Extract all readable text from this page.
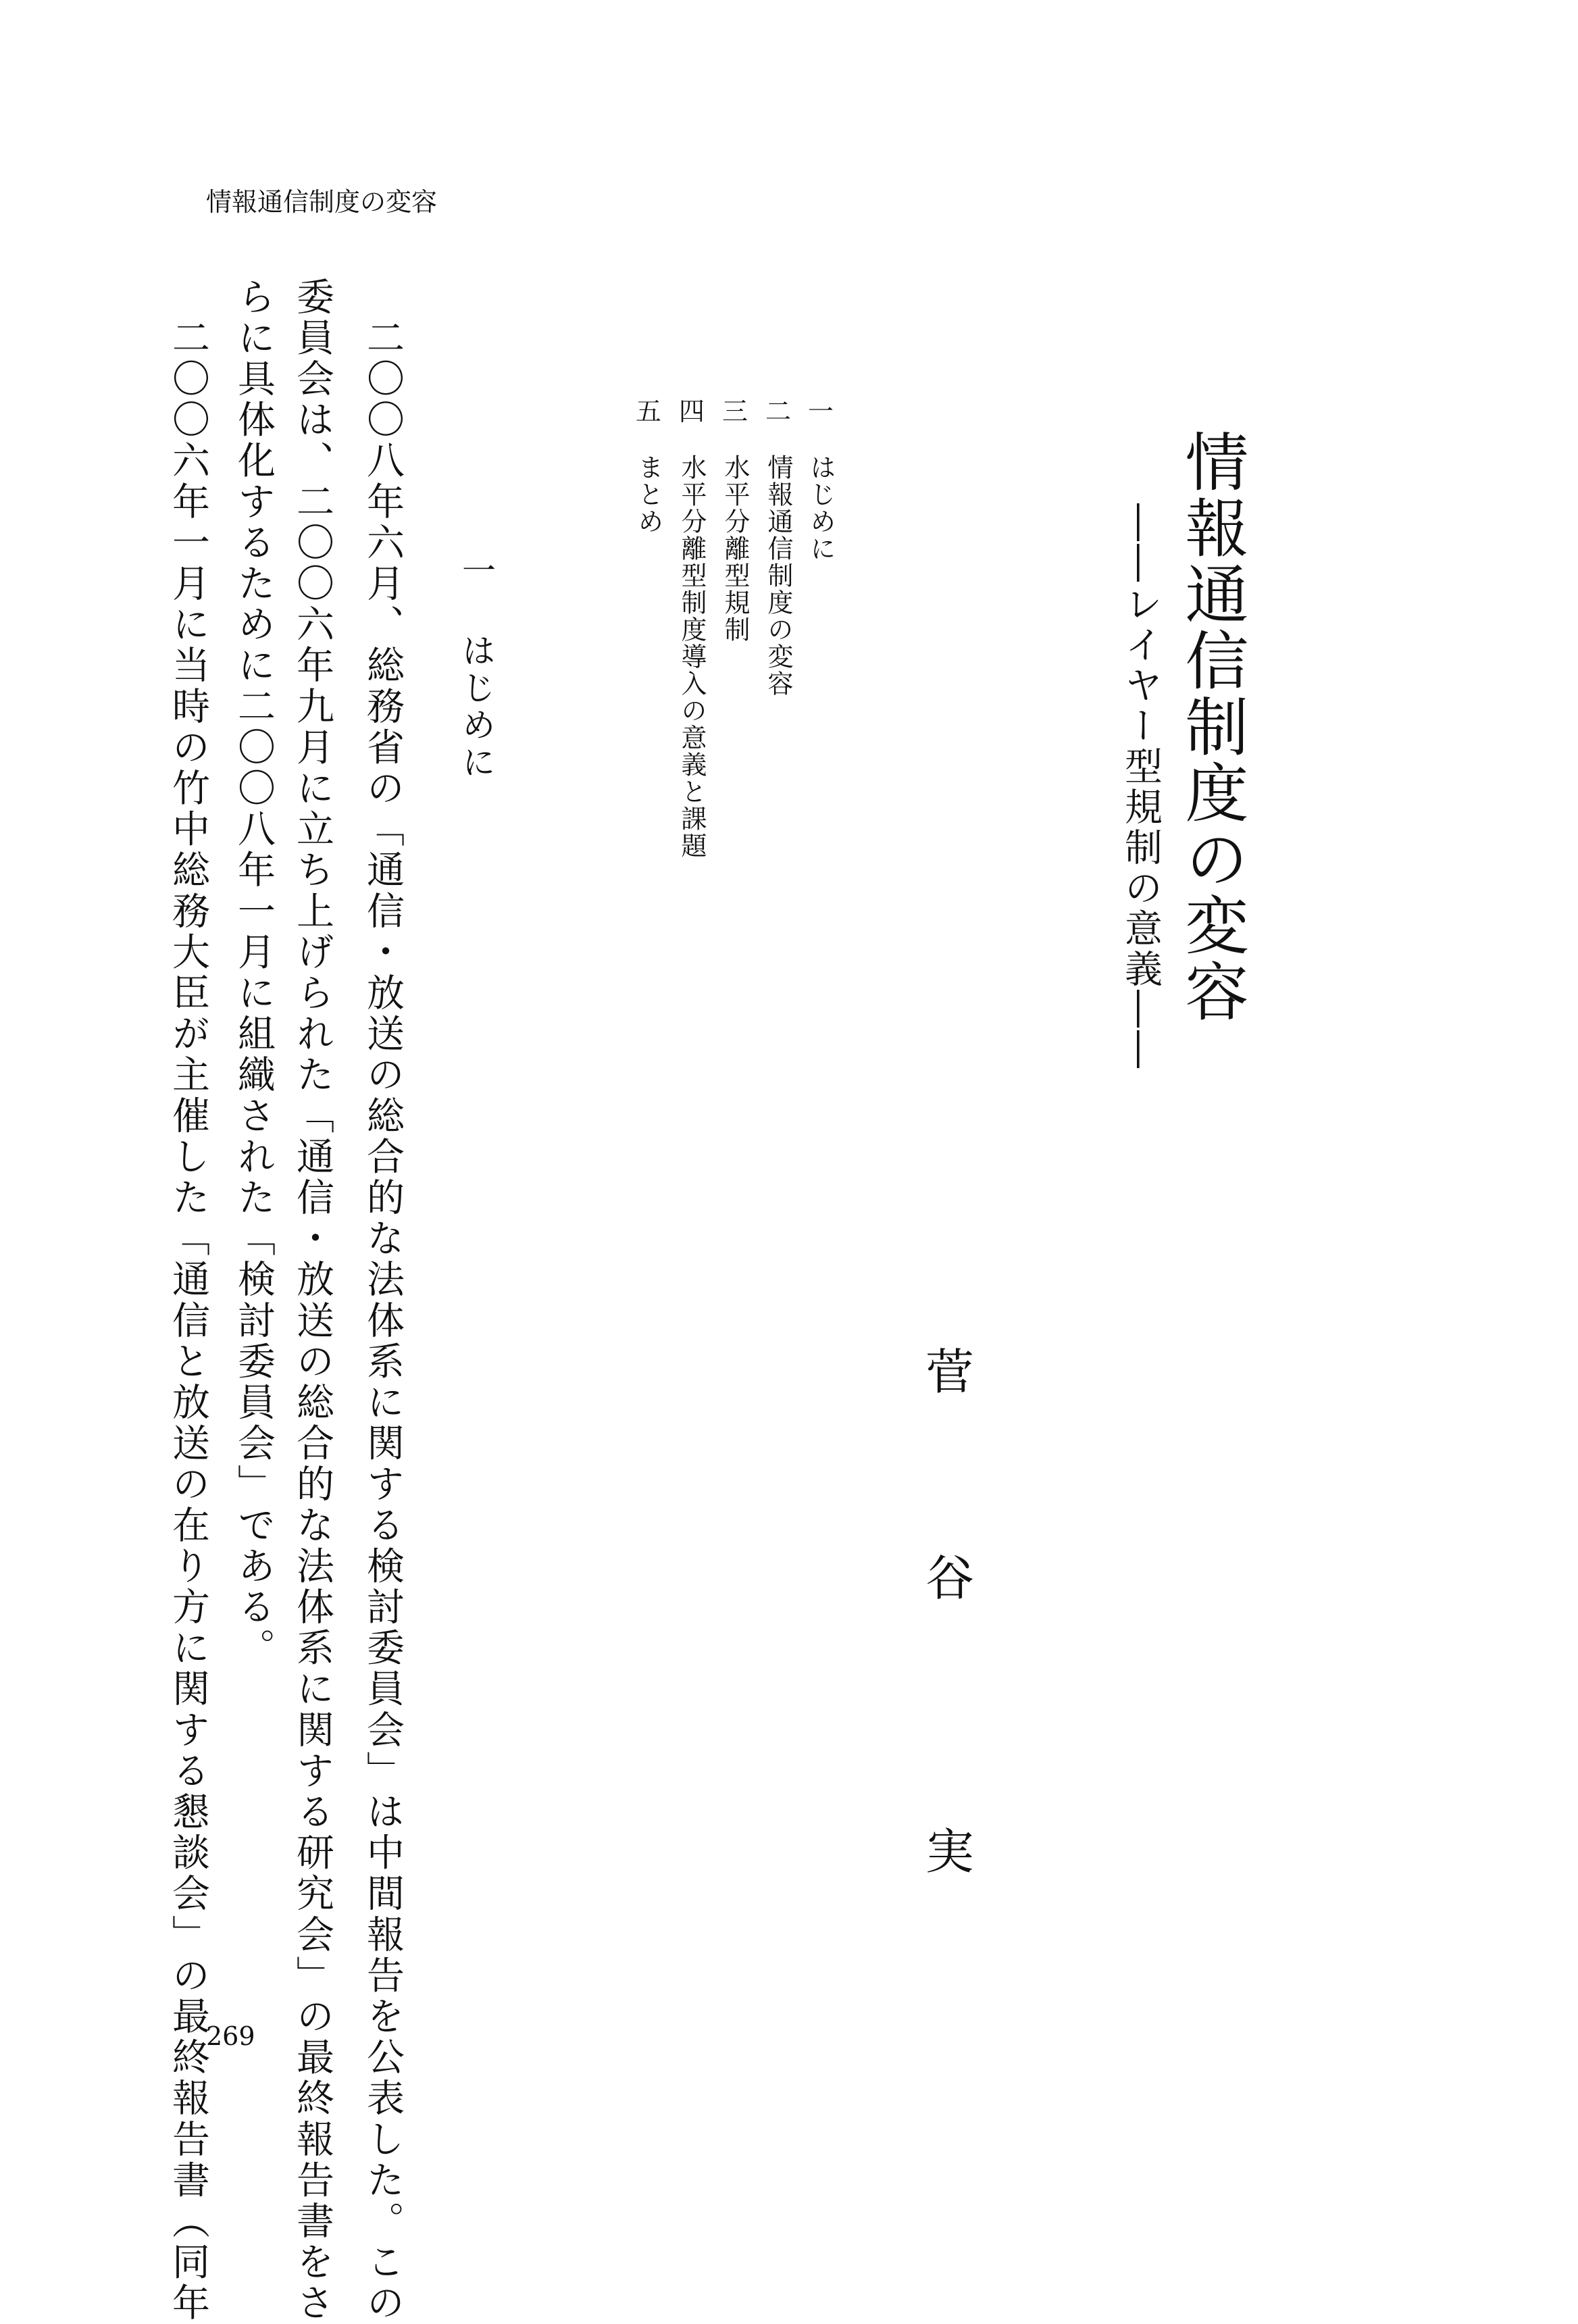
情報通信制度の変容
情報通信制度の変容
――レイヤー型規制の意義――
一
はじめに
二
情報通信制度の変容
三
水平分離型規制
四
水平分離型制度導入の意義と課題
五
まとめ
菅
谷
実
一はじめに
　二〇〇八年六月、総務省の「通信・放送の総合的な法体系に関する検討委員会」は中間報告を公表した。この
委員会は、二〇〇六年九月に立ち上げられた「通信・放送の総合的な法体系に関する研究会」の最終報告書をさ
らに具体化するために二〇〇八年一月に組織された「検討委員会」である。
　二〇〇六年一月に当時の竹中総務大臣が主催した「通信と放送の在り方に関する懇談会」の最終報告書（同年
269
